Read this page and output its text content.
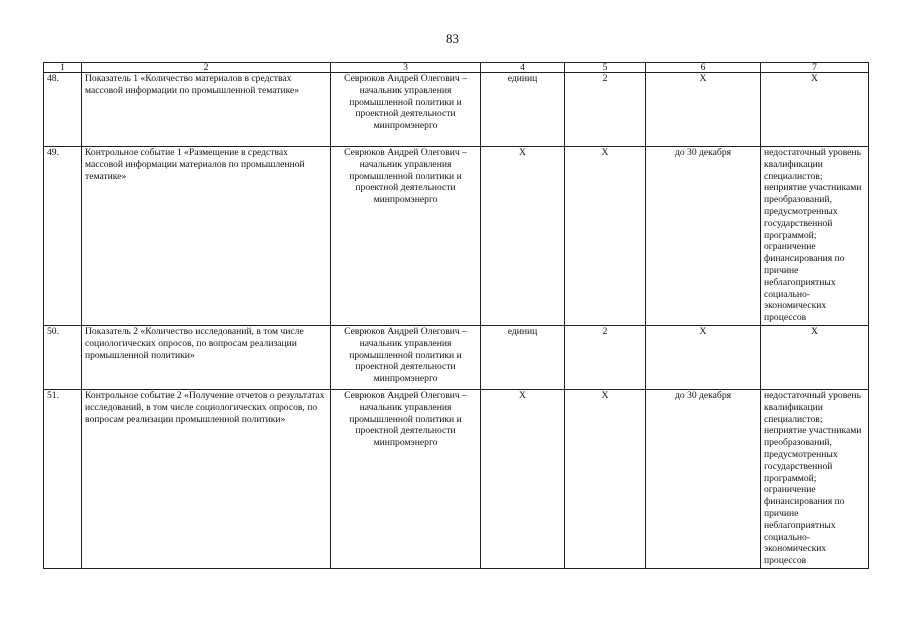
83
1	2	3	4	5	6	7
48.	Показатель 1 «Количество материалов в средствах массовой информации по промышленной тематике»	Севрюков Андрей Олегович – начальник управления промышленной политики и проектной деятельности минпромэнерго	единиц	2	Х	Х
49.	Контрольное событие 1 «Размещение в средствах массовой информации материалов по промышленной тематике»	Севрюков Андрей Олегович – начальник управления промышленной политики и проектной деятельности минпромэнерго	Х	Х	до 30 декабря	недостаточный уровень квалификации специалистов; неприятие участниками преобразований, предусмотренных государственной программой; ограничение финансирования по причине неблагоприятных социально-экономических процессов
50.	Показатель 2 «Количество исследований, в том числе социологических опросов, по вопросам реализации промышленной политики»	Севрюков Андрей Олегович – начальник управления промышленной политики и проектной деятельности минпромэнерго	единиц	2	Х	Х
51.	Контрольное событие 2 «Получение отчетов о результатах исследований, в том числе социологических опросов, по вопросам реализации промышленной политики»	Севрюков Андрей Олегович – начальник управления промышленной политики и проектной деятельности минпромэнерго	Х	Х	до 30 декабря	недостаточный уровень квалификации специалистов; неприятие участниками преобразований, предусмотренных государственной программой; ограничение финансирования по причине неблагоприятных социально-экономических процессов
